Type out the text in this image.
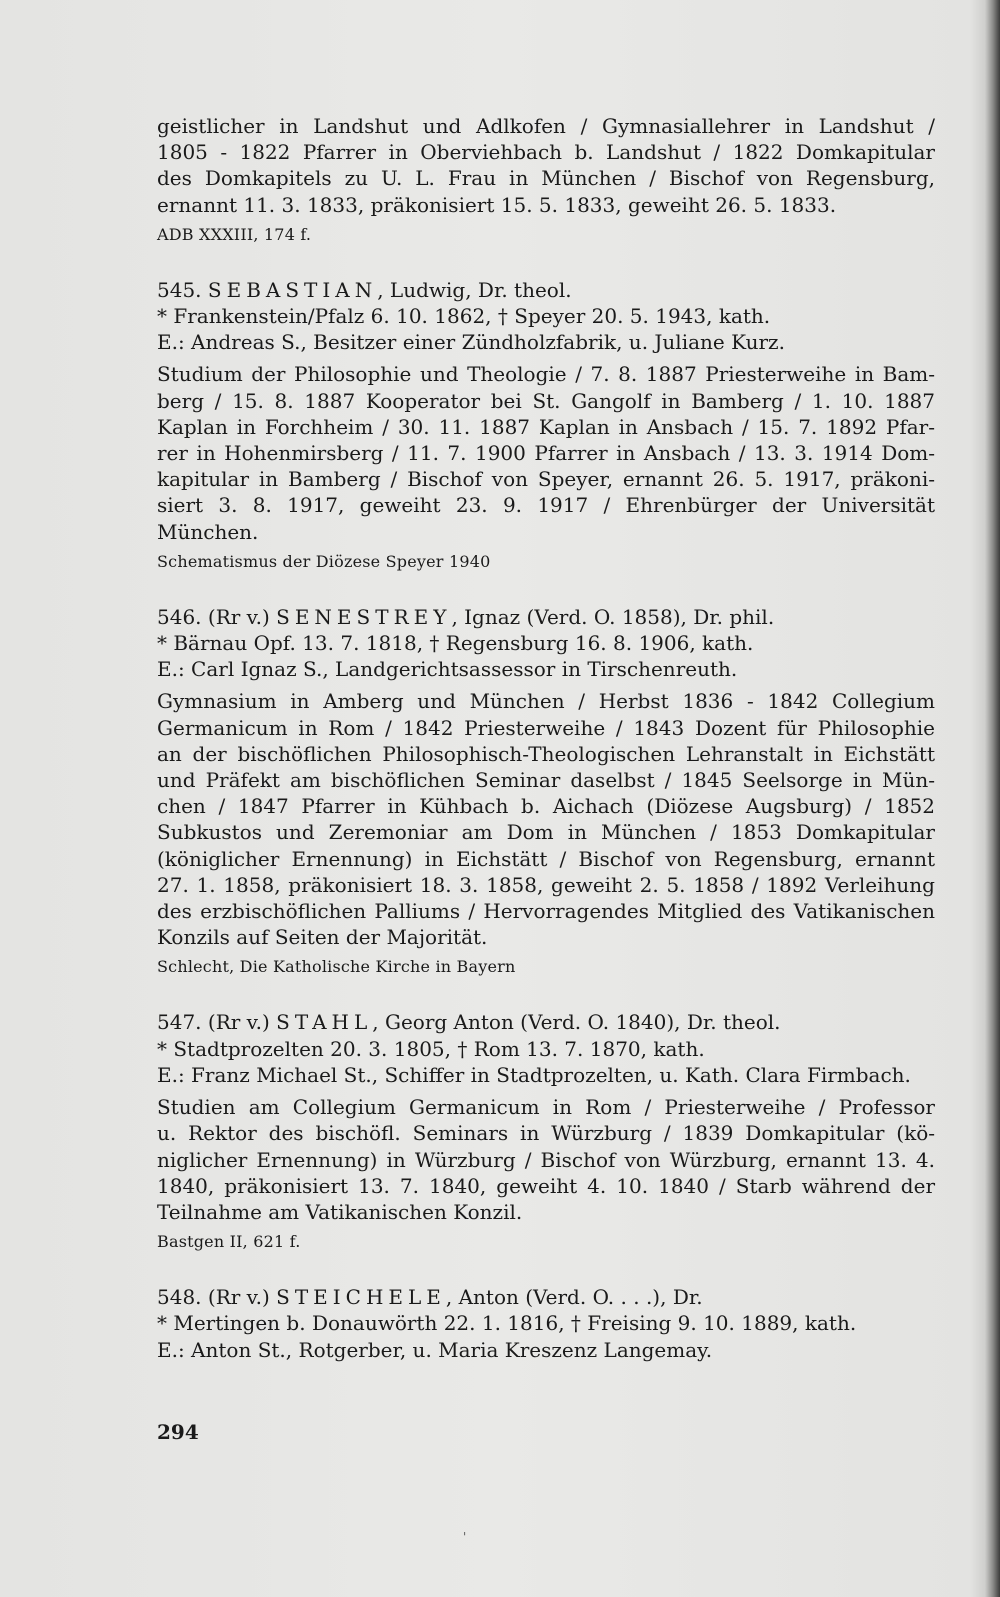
geistlicher in Landshut und Adlkofen / Gymnasiallehrer in Landshut /
1805 - 1822 Pfarrer in Oberviehbach b. Landshut / 1822 Domkapitular
des Domkapitels zu U. L. Frau in München / Bischof von Regensburg,
ernannt 11. 3. 1833, präkonisiert 15. 5. 1833, geweiht 26. 5. 1833.
ADB XXXIII, 174 f.
545. SEBASTIAN, Ludwig, Dr. theol.
* Frankenstein/Pfalz 6. 10. 1862, † Speyer 20. 5. 1943, kath.
E.: Andreas S., Besitzer einer Zündholzfabrik, u. Juliane Kurz.
Studium der Philosophie und Theologie / 7. 8. 1887 Priesterweihe in Bam-
berg / 15. 8. 1887 Kooperator bei St. Gangolf in Bamberg / 1. 10. 1887
Kaplan in Forchheim / 30. 11. 1887 Kaplan in Ansbach / 15. 7. 1892 Pfar-
rer in Hohenmirsberg / 11. 7. 1900 Pfarrer in Ansbach / 13. 3. 1914 Dom-
kapitular in Bamberg / Bischof von Speyer, ernannt 26. 5. 1917, präkoni-
siert 3. 8. 1917, geweiht 23. 9. 1917 / Ehrenbürger der Universität München.
Schematismus der Diözese Speyer 1940
546. (Rr v.) SENESTREY, Ignaz (Verd. O. 1858), Dr. phil.
* Bärnau Opf. 13. 7. 1818, † Regensburg 16. 8. 1906, kath.
E.: Carl Ignaz S., Landgerichtsassessor in Tirschenreuth.
Gymnasium in Amberg und München / Herbst 1836 - 1842 Collegium
Germanicum in Rom / 1842 Priesterweihe / 1843 Dozent für Philosophie
an der bischöflichen Philosophisch-Theologischen Lehranstalt in Eichstätt
und Präfekt am bischöflichen Seminar daselbst / 1845 Seelsorge in Mün-
chen / 1847 Pfarrer in Kühbach b. Aichach (Diözese Augsburg) / 1852
Subkustos und Zeremoniar am Dom in München / 1853 Domkapitular
(königlicher Ernennung) in Eichstätt / Bischof von Regensburg, ernannt
27. 1. 1858, präkonisiert 18. 3. 1858, geweiht 2. 5. 1858 / 1892 Verleihung
des erzbischöflichen Palliums / Hervorragendes Mitglied des Vatikanischen
Konzils auf Seiten der Majorität.
Schlecht, Die Katholische Kirche in Bayern
547. (Rr v.) STAHL, Georg Anton (Verd. O. 1840), Dr. theol.
* Stadtprozelten 20. 3. 1805, † Rom 13. 7. 1870, kath.
E.: Franz Michael St., Schiffer in Stadtprozelten, u. Kath. Clara Firmbach.
Studien am Collegium Germanicum in Rom / Priesterweihe / Professor
u. Rektor des bischöfl. Seminars in Würzburg / 1839 Domkapitular (kö-
niglicher Ernennung) in Würzburg / Bischof von Würzburg, ernannt 13. 4.
1840, präkonisiert 13. 7. 1840, geweiht 4. 10. 1840 / Starb während der
Teilnahme am Vatikanischen Konzil.
Bastgen II, 621 f.
548. (Rr v.) STEICHELE, Anton (Verd. O. . . .), Dr.
* Mertingen b. Donauwörth 22. 1. 1816, † Freising 9. 10. 1889, kath.
E.: Anton St., Rotgerber, u. Maria Kreszenz Langemay.
294
'
